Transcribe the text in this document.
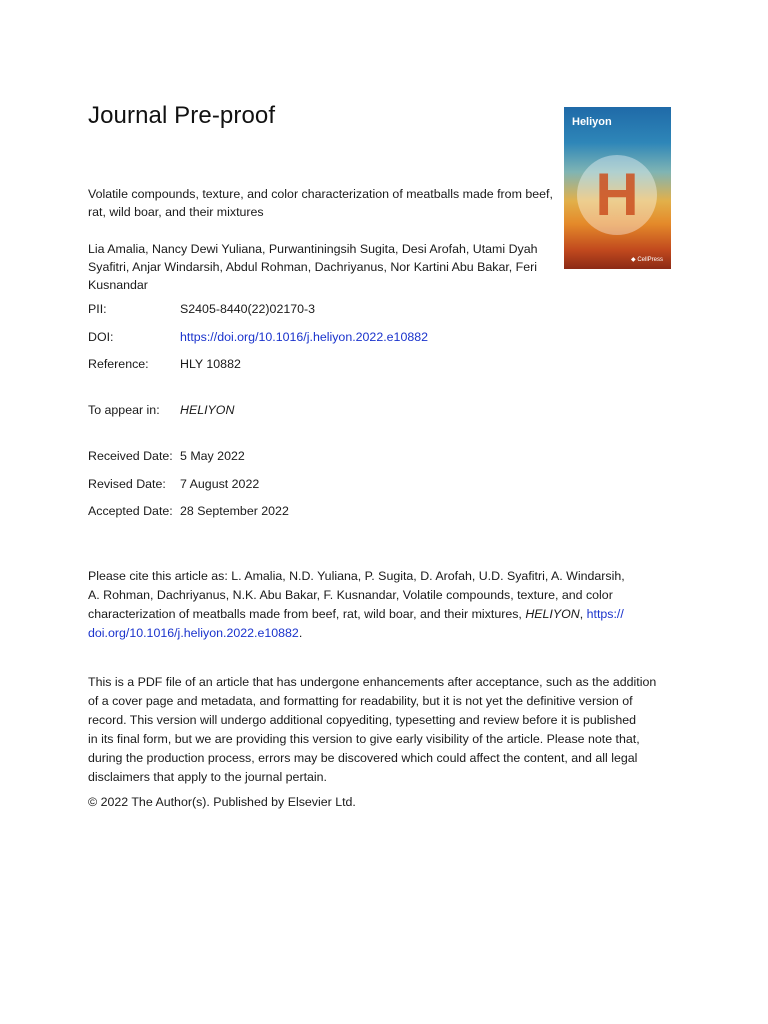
Journal Pre-proof	Heliyon
H
◆ CellPress
Volatile compounds, texture, and color characterization of meatballs made from beef,
rat, wild boar, and their mixtures
Lia Amalia, Nancy Dewi Yuliana, Purwantiningsih Sugita, Desi Arofah, Utami Dyah
Syafitri, Anjar Windarsih, Abdul Rohman, Dachriyanus, Nor Kartini Abu Bakar, Feri
Kusnandar
PII:	S2405-8440(22)02170-3
DOI:	https://doi.org/10.1016/j.heliyon.2022.e10882
Reference:	HLY 10882
To appear in: HELIYON
Received Date: 5 May 2022
Revised Date: 7 August 2022
Accepted Date: 28 September 2022
Please cite this article as: L. Amalia, N.D. Yuliana, P. Sugita, D. Arofah, U.D. Syafitri, A. Windarsih,
A. Rohman, Dachriyanus, N.K. Abu Bakar, F. Kusnandar, Volatile compounds, texture, and color
characterization of meatballs made from beef, rat, wild boar, and their mixtures, HELIYON, https://
doi.org/10.1016/j.heliyon.2022.e10882.
This is a PDF file of an article that has undergone enhancements after acceptance, such as the addition
of a cover page and metadata, and formatting for readability, but it is not yet the definitive version of
record. This version will undergo additional copyediting, typesetting and review before it is published
in its final form, but we are providing this version to give early visibility of the article. Please note that,
during the production process, errors may be discovered which could affect the content, and all legal
disclaimers that apply to the journal pertain.
© 2022 The Author(s). Published by Elsevier Ltd.
